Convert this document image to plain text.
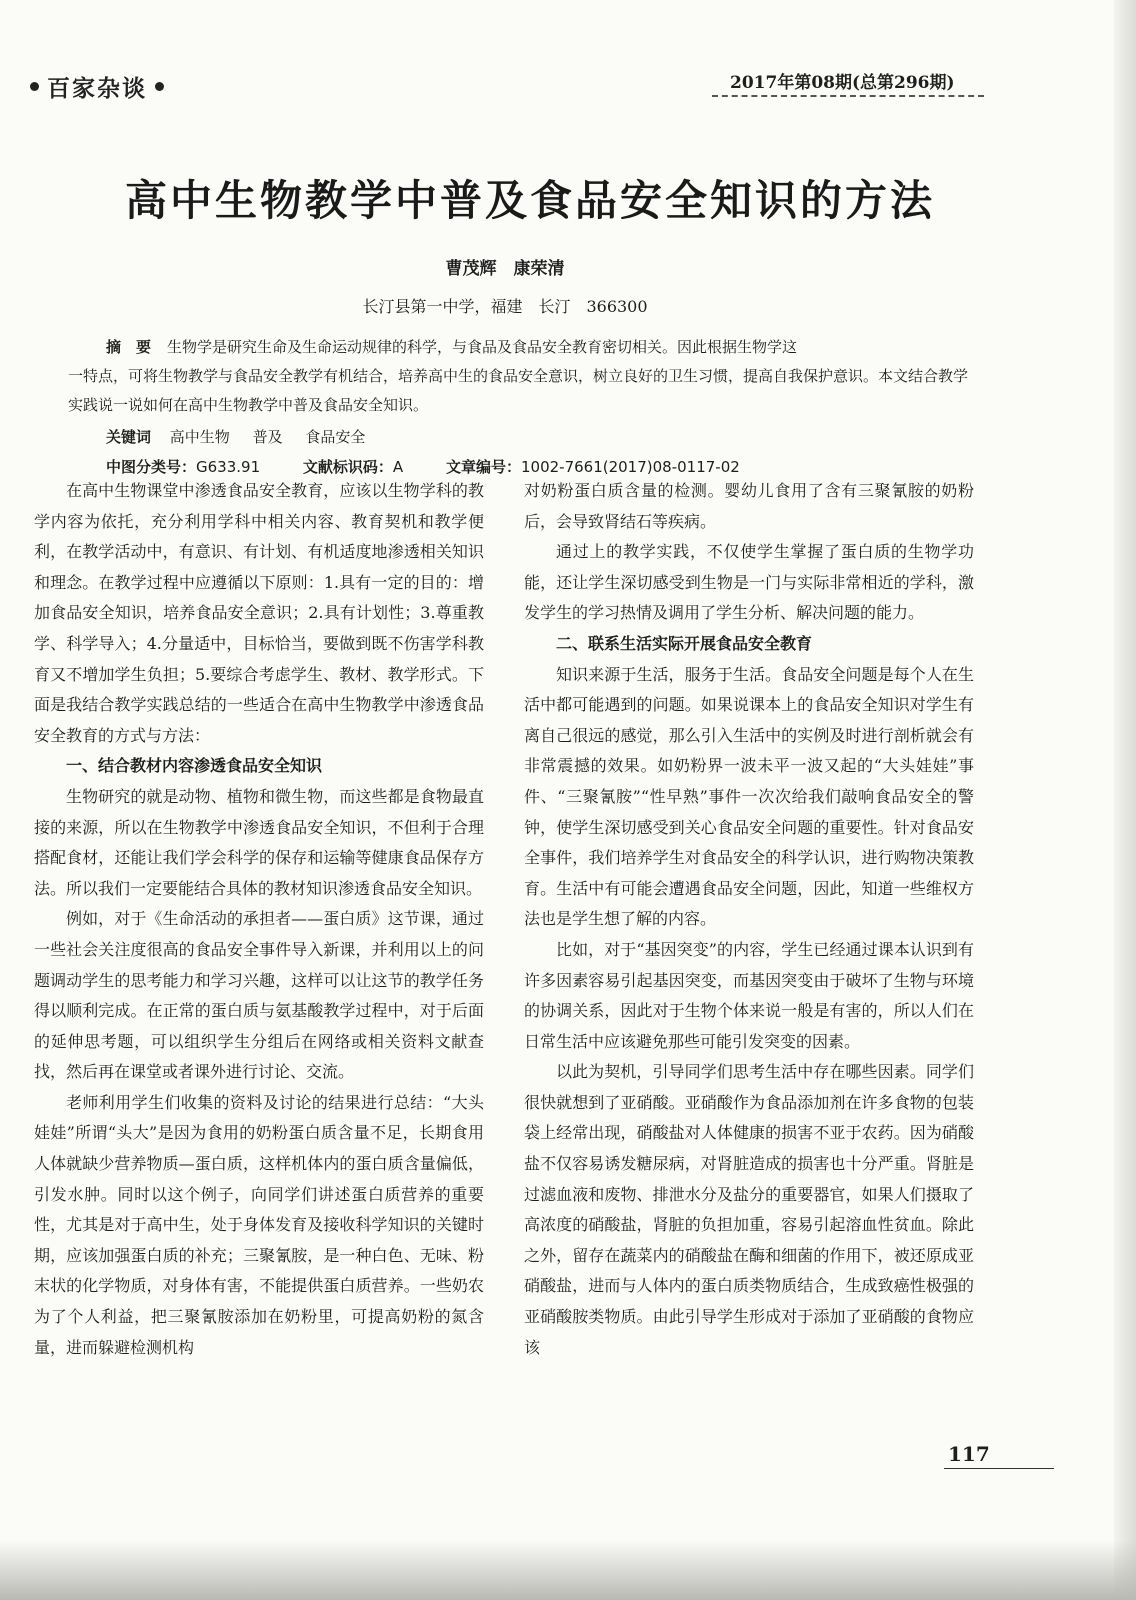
百家杂谈	2017年第08期(总第296期)
高中生物教学中普及食品安全知识的方法
曹茂辉　康荣清
长汀县第一中学，福建　长汀　366300
摘　要 生物学是研究生命及生命运动规律的科学，与食品及食品安全教育密切相关。因此根据生物学这
一特点，可将生物教学与食品安全教学有机结合，培养高中生的食品安全意识，树立良好的卫生习惯，提高自我保护意识。本文结合教学实践说一说如何在高中生物教学中普及食品安全知识。
关键词 高中生物 普及 食品安全
中图分类号：G633.91	文献标识码：A	文章编号：1002-7661(2017)08-0117-02

在高中生物课堂中渗透食品安全教育，应该以生物学科的教学内容为依托，充分利用学科中相关内容、教育契机和教学便利，在教学活动中，有意识、有计划、有机适度地渗透相关知识和理念。在教学过程中应遵循以下原则：1.具有一定的目的：增加食品安全知识，培养食品安全意识；2.具有计划性；3.尊重教学、科学导入；4.分量适中，目标恰当，要做到既不伤害学科教育又不增加学生负担；5.要综合考虑学生、教材、教学形式。下面是我结合教学实践总结的一些适合在高中生物教学中渗透食品安全教育的方式与方法：

一、结合教材内容渗透食品安全知识

生物研究的就是动物、植物和微生物，而这些都是食物最直接的来源，所以在生物教学中渗透食品安全知识，不但利于合理搭配食材，还能让我们学会科学的保存和运输等健康食品保存方法。所以我们一定要能结合具体的教材知识渗透食品安全知识。

例如，对于《生命活动的承担者——蛋白质》这节课，通过一些社会关注度很高的食品安全事件导入新课，并利用以上的问题调动学生的思考能力和学习兴趣，这样可以让这节的教学任务得以顺利完成。在正常的蛋白质与氨基酸教学过程中，对于后面的延伸思考题，可以组织学生分组后在网络或相关资料文献查找，然后再在课堂或者课外进行讨论、交流。

老师利用学生们收集的资料及讨论的结果进行总结：“大头娃娃”所谓“头大”是因为食用的奶粉蛋白质含量不足，长期食用人体就缺少营养物质—蛋白质，这样机体内的蛋白质含量偏低，引发水肿。同时以这个例子，向同学们讲述蛋白质营养的重要性，尤其是对于高中生，处于身体发育及接收科学知识的关键时期，应该加强蛋白质的补充；三聚氰胺，是一种白色、无味、粉末状的化学物质，对身体有害，不能提供蛋白质营养。一些奶农为了个人利益，把三聚氰胺添加在奶粉里，可提高奶粉的氮含量，进而躲避检测机构

对奶粉蛋白质含量的检测。婴幼儿食用了含有三聚氰胺的奶粉后，会导致肾结石等疾病。

通过上的教学实践，不仅使学生掌握了蛋白质的生物学功能，还让学生深切感受到生物是一门与实际非常相近的学科，激发学生的学习热情及调用了学生分析、解决问题的能力。

二、联系生活实际开展食品安全教育

知识来源于生活，服务于生活。食品安全问题是每个人在生活中都可能遇到的问题。如果说课本上的食品安全知识对学生有离自己很远的感觉，那么引入生活中的实例及时进行剖析就会有非常震撼的效果。如奶粉界一波未平一波又起的“大头娃娃”事件、“三聚氰胺”“性早熟”事件一次次给我们敲响食品安全的警钟，使学生深切感受到关心食品安全问题的重要性。针对食品安全事件，我们培养学生对食品安全的科学认识，进行购物决策教育。生活中有可能会遭遇食品安全问题，因此，知道一些维权方法也是学生想了解的内容。

比如，对于“基因突变”的内容，学生已经通过课本认识到有许多因素容易引起基因突变，而基因突变由于破坏了生物与环境的协调关系，因此对于生物个体来说一般是有害的，所以人们在日常生活中应该避免那些可能引发突变的因素。

以此为契机，引导同学们思考生活中存在哪些因素。同学们很快就想到了亚硝酸。亚硝酸作为食品添加剂在许多食物的包装袋上经常出现，硝酸盐对人体健康的损害不亚于农药。因为硝酸盐不仅容易诱发糖尿病，对肾脏造成的损害也十分严重。肾脏是过滤血液和废物、排泄水分及盐分的重要器官，如果人们摄取了高浓度的硝酸盐，肾脏的负担加重，容易引起溶血性贫血。除此之外，留存在蔬菜内的硝酸盐在酶和细菌的作用下，被还原成亚硝酸盐，进而与人体内的蛋白质类物质结合，生成致癌性极强的亚硝酸胺类物质。由此引导学生形成对于添加了亚硝酸的食物应该

117
